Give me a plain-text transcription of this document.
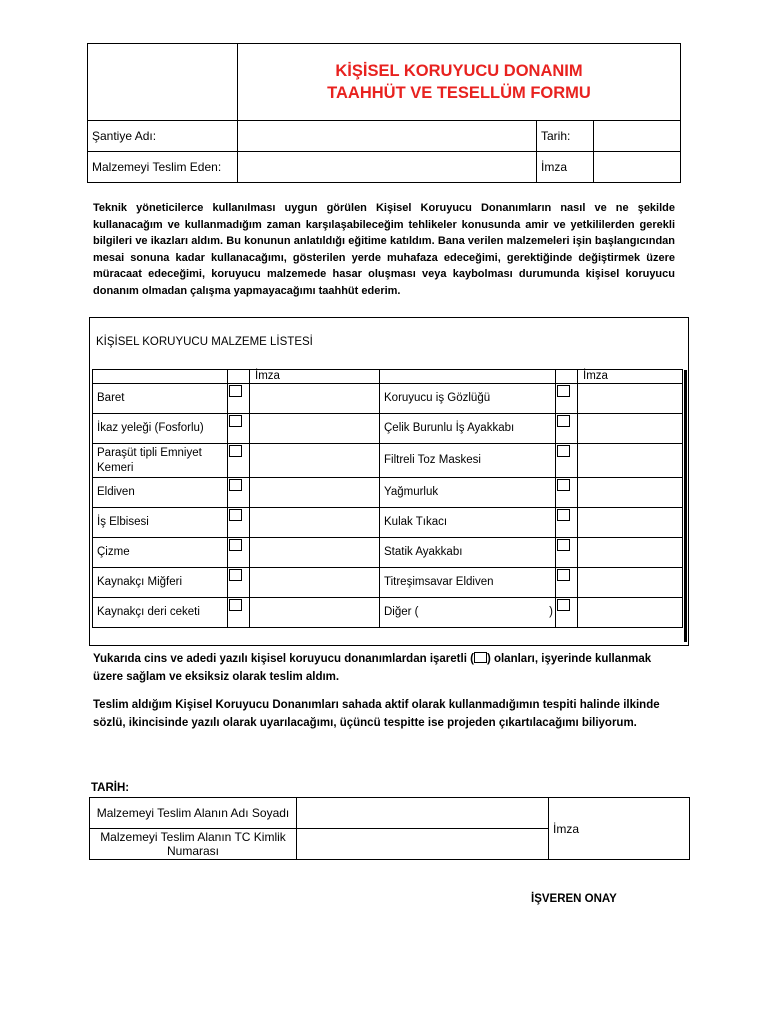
	KİŞİSEL KORUYUCU DONANIM
TAAHHÜT VE TESELLÜM FORMU		

Şantiye Adı:		Tarih:	
Malzemeyi Teslim Eden:		İmza	
Teknik yöneticilerce kullanılması uygun görülen Kişisel Koruyucu Donanımların nasıl ve ne şekilde kullanacağım ve kullanmadığım zaman karşılaşabileceğim tehlikeler konusunda amir ve yetkililerden gerekli bilgileri ve ikazları aldım. Bu konunun anlatıldığı eğitime katıldım. Bana verilen malzemeleri işin başlangıcından mesai sonuna kadar kullanacağımı, gösterilen yerde muhafaza edeceğimi, gerektiğinde değiştirmek üzere müracaat edeceğimi, koruyucu malzemede hasar oluşması veya kaybolması durumunda kişisel koruyucu donanım olmadan çalışma yapmayacağımı taahhüt ederim.
KİŞİSEL KORUYUCU MALZEME LİSTESİ
		İmza			İmza
Baret			Koruyucu iş Gözlüğü	

İkaz yeleği (Fosforlu)			Çelik Burunlu İş Ayakkabı	

Paraşüt tipli Emniyet Kemeri			Filtreli Toz Maskesi	

Eldiven			Yağmurluk	

İş Elbisesi			Kulak Tıkacı	

Çizme			Statik Ayakkabı	

Kaynakçı Miğferi			Titreşimsavar Eldiven	

Kaynakçı deri ceketi			Diğer ( )		

Yukarıda cins ve adedi yazılı kişisel koruyucu donanımlardan işaretli ( ) olanları, işyerinde kullanmak üzere sağlam ve eksiksiz olarak teslim aldım.
Teslim aldığım Kişisel Koruyucu Donanımları sahada aktif olarak kullanmadığımın tespiti halinde ilkinde sözlü, ikincisinde yazılı olarak uyarılacağımı, üçüncü tespitte ise projeden çıkartılacağımı biliyorum.
TARİH:
Malzemeyi Teslim Alanın Adı Soyadı		İmza
Malzemeyi Teslim Alanın TC Kimlik Numarası		
İŞVEREN ONAY
